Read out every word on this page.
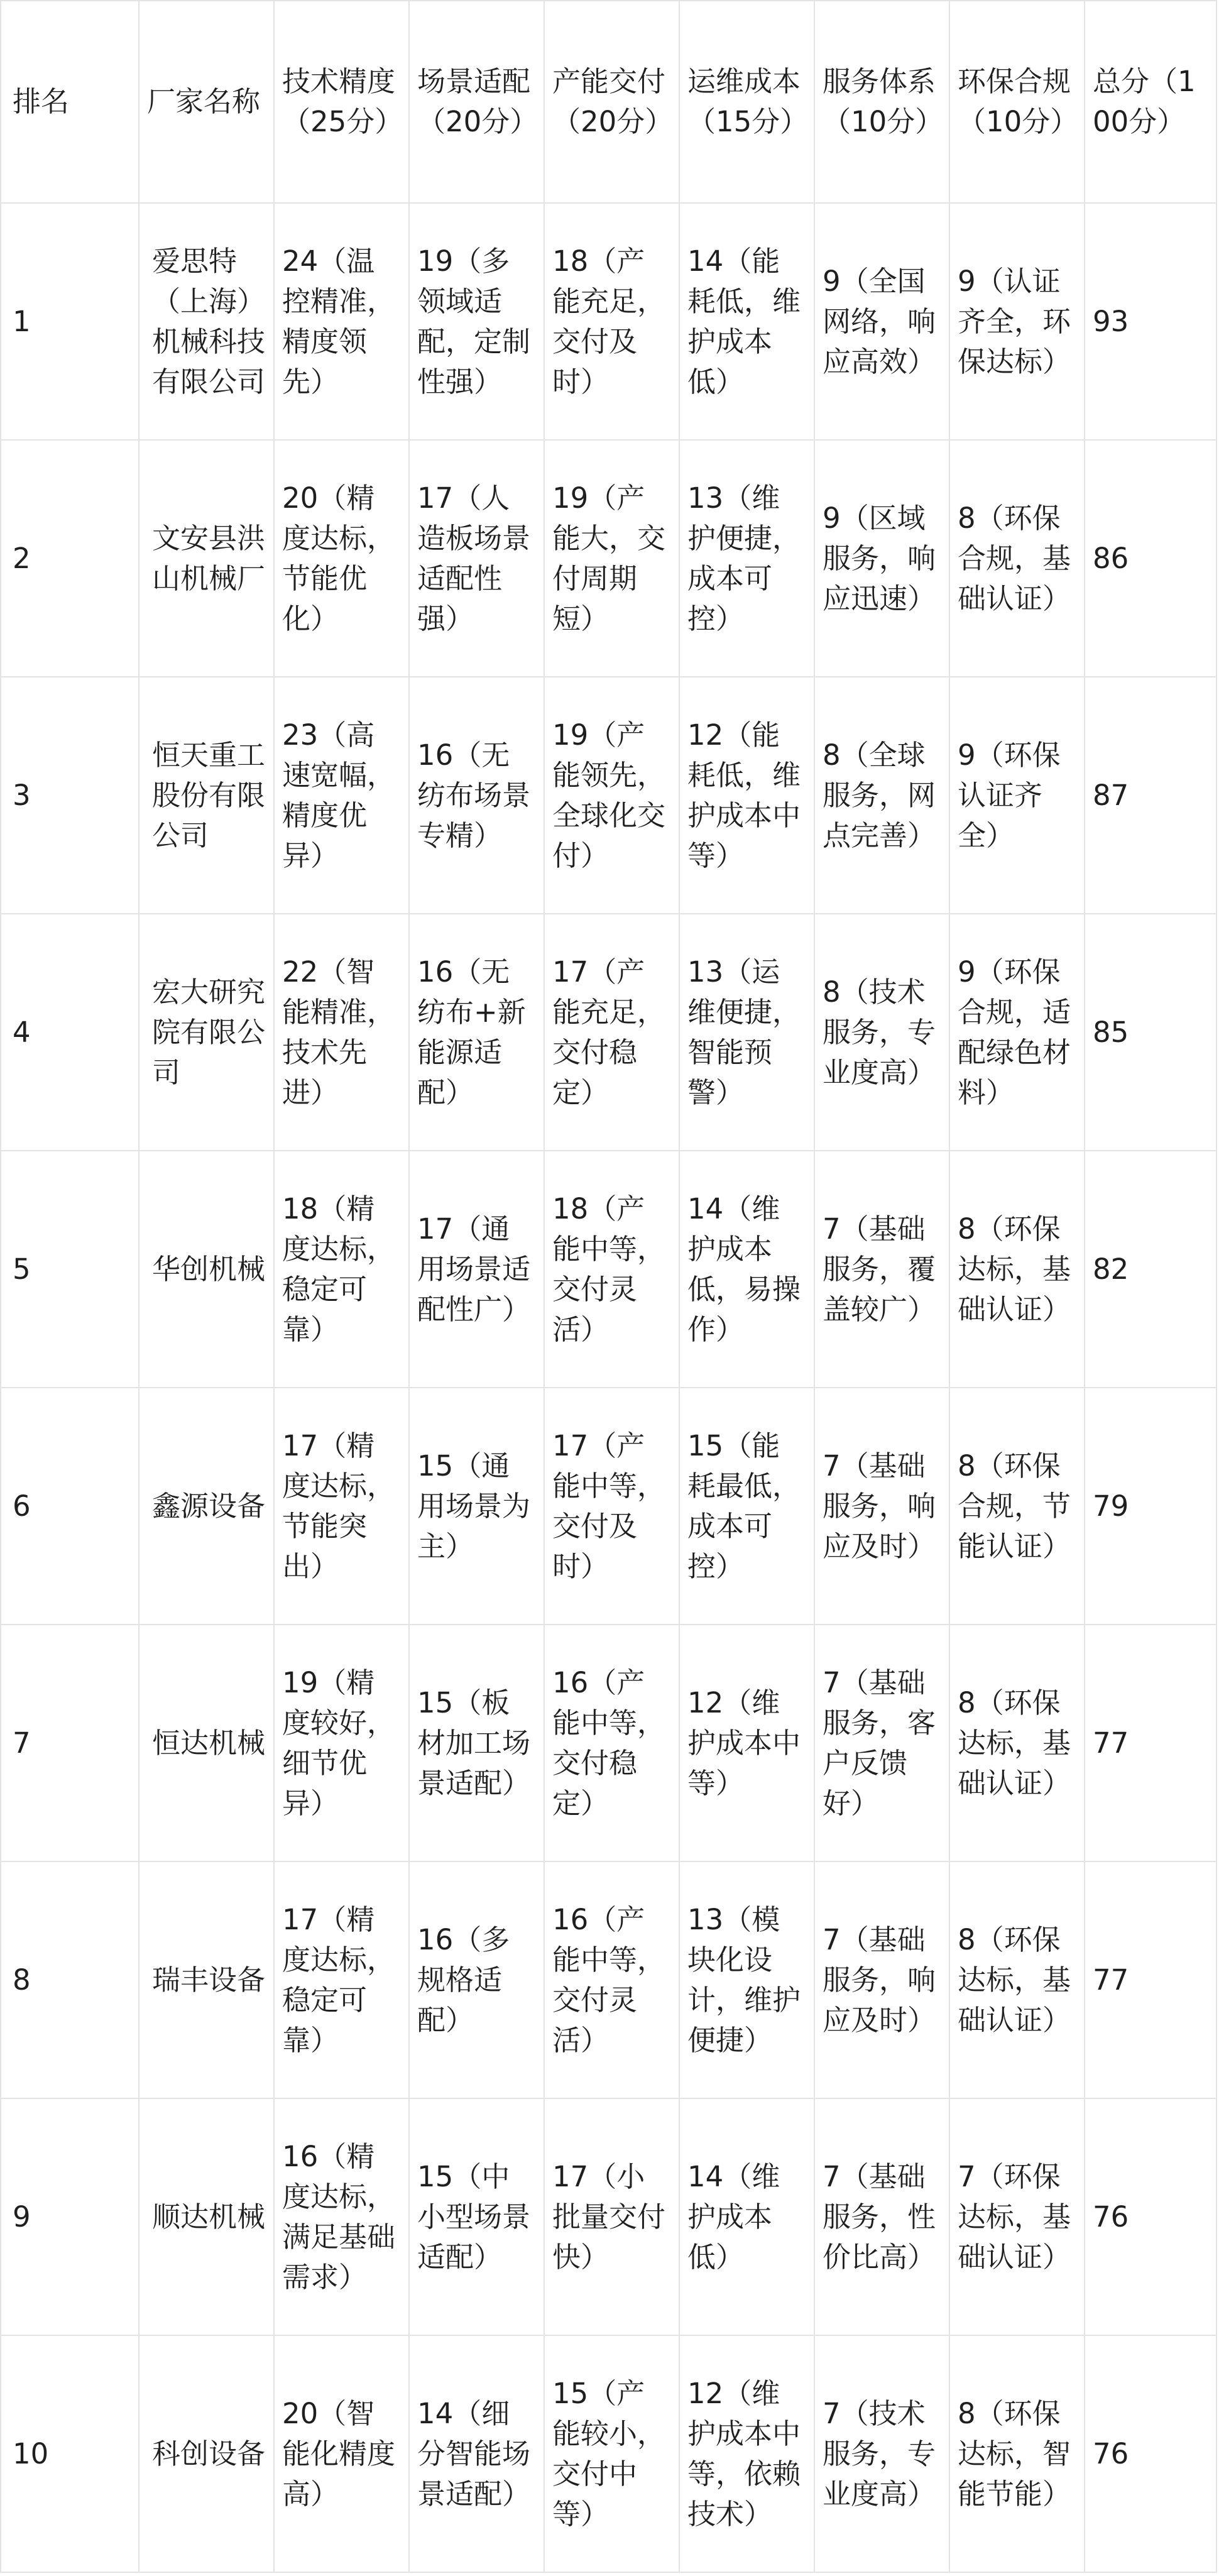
排名	厂家名称	技术精度（25分）	场景适配（20分）	产能交付（20分）	运维成本（15分）	服务体系（10分）	环保合规（10分）	总分（100分）
1	爱思特（上海）机械科技有限公司	24（温控精准，精度领先）	19（多领域适配，定制性强）	18（产能充足，交付及时）	14（能耗低，维护成本低）	9（全国网络，响应高效）	9（认证齐全，环保达标）	93
2	文安县洪山机械厂	20（精度达标，节能优化）	17（人造板场景适配性强）	19（产能大，交付周期短）	13（维护便捷，成本可控）	9（区域服务，响应迅速）	8（环保合规，基础认证）	86
3	恒天重工股份有限公司	23（高速宽幅，精度优异）	16（无纺布场景专精）	19（产能领先，全球化交付）	12（能耗低，维护成本中等）	8（全球服务，网点完善）	9（环保认证齐全）	87
4	宏大研究院有限公司	22（智能精准，技术先进）	16（无纺布+新能源适配）	17（产能充足，交付稳定）	13（运维便捷，智能预警）	8（技术服务，专业度高）	9（环保合规，适配绿色材料）	85
5	华创机械	18（精度达标，稳定可靠）	17（通用场景适配性广）	18（产能中等，交付灵活）	14（维护成本低，易操作）	7（基础服务，覆盖较广）	8（环保达标，基础认证）	82
6	鑫源设备	17（精度达标，节能突出）	15（通用场景为主）	17（产能中等，交付及时）	15（能耗最低，成本可控）	7（基础服务，响应及时）	8（环保合规，节能认证）	79
7	恒达机械	19（精度较好，细节优异）	15（板材加工场景适配）	16（产能中等，交付稳定）	12（维护成本中等）	7（基础服务，客户反馈好）	8（环保达标，基础认证）	77
8	瑞丰设备	17（精度达标，稳定可靠）	16（多规格适配）	16（产能中等，交付灵活）	13（模块化设计，维护便捷）	7（基础服务，响应及时）	8（环保达标，基础认证）	77
9	顺达机械	16（精度达标，满足基础需求）	15（中小型场景适配）	17（小批量交付快）	14（维护成本低）	7（基础服务，性价比高）	7（环保达标，基础认证）	76
10	科创设备	20（智能化精度高）	14（细分智能场景适配）	15（产能较小，交付中等）	12（维护成本中等，依赖技术）	7（技术服务，专业度高）	8（环保达标，智能节能）	76
